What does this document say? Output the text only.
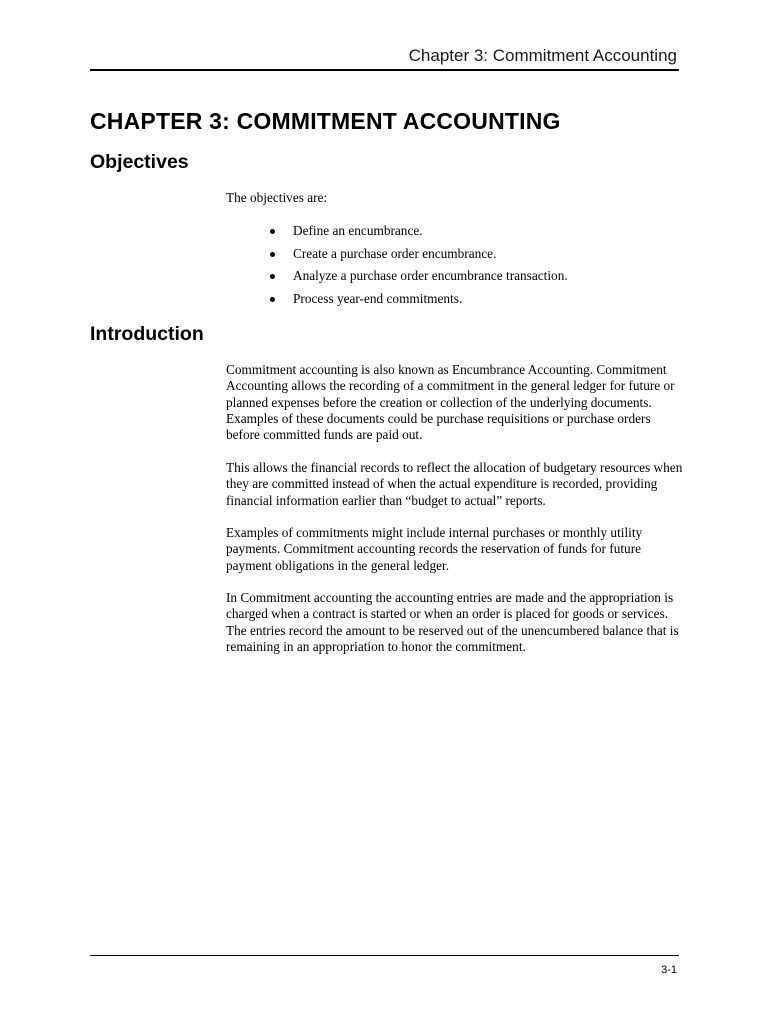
Chapter 3: Commitment Accounting
CHAPTER 3: COMMITMENT ACCOUNTING
Objectives

The objectives are:

Define an encumbrance.
Create a purchase order encumbrance.
Analyze a purchase order encumbrance transaction.
Process year-end commitments.
Introduction

Commitment accounting is also known as Encumbrance Accounting. Commitment Accounting allows the recording of a commitment in the general ledger for future or planned expenses before the creation or collection of the underlying documents. Examples of these documents could be purchase requisitions or purchase orders before committed funds are paid out.

This allows the financial records to reflect the allocation of budgetary resources when they are committed instead of when the actual expenditure is recorded, providing financial information earlier than “budget to actual” reports.

Examples of commitments might include internal purchases or monthly utility payments. Commitment accounting records the reservation of funds for future payment obligations in the general ledger.

In Commitment accounting the accounting entries are made and the appropriation is charged when a contract is started or when an order is placed for goods or services. The entries record the amount to be reserved out of the unencumbered balance that is remaining in an appropriation to honor the commitment.

3-1
